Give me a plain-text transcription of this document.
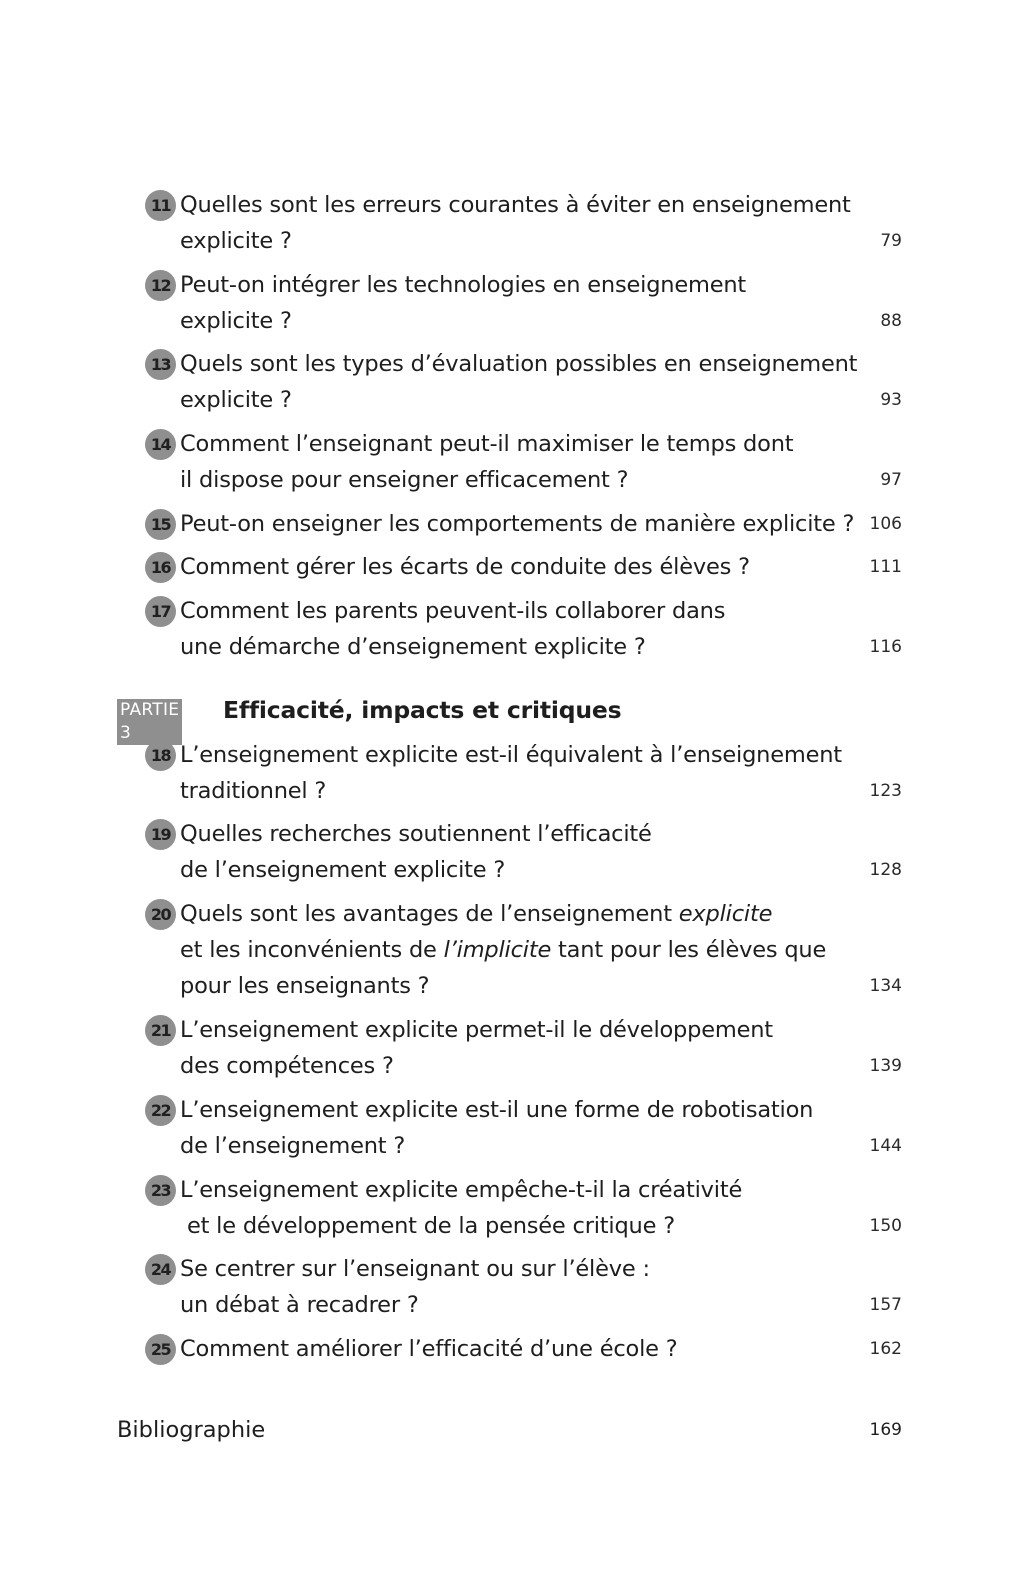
11 Quelles sont les erreurs courantes à éviter en enseignement
explicite ?	79
12 Peut-on intégrer les technologies en enseignement
explicite ?	88
13 Quels sont les types d’évaluation possibles en enseignement
explicite ?	93
14 Comment l’enseignant peut-il maximiser le temps dont
il dispose pour enseigner efficacement ?	97
15 Peut-on enseigner les comportements de manière explicite ? 106
16 Comment gérer les écarts de conduite des élèves ?	111
17 Comment les parents peuvent-ils collaborer dans
une démarche d’enseignement explicite ?	116
PARTIE 3
Efficacité, impacts et critiques
18 L’enseignement explicite est-il équivalent à l’enseignement
traditionnel ?	123
19 Quelles recherches soutiennent l’efficacité
de l’enseignement explicite ?	128
20 Quels sont les avantages de l’enseignement explicite
et les inconvénients de l’implicite tant pour les élèves que
pour les enseignants ?	134
21 L’enseignement explicite permet-il le développement
des compétences ?	139
22 L’enseignement explicite est-il une forme de robotisation
de l’enseignement ?	144
23 L’enseignement explicite empêche-t-il la créativité
et le développement de la pensée critique ?	150
24 Se centrer sur l’enseignant ou sur l’élève :
un débat à recadrer ?	157
25 Comment améliorer l’efficacité d’une école ?	162
Bibliographie	169
